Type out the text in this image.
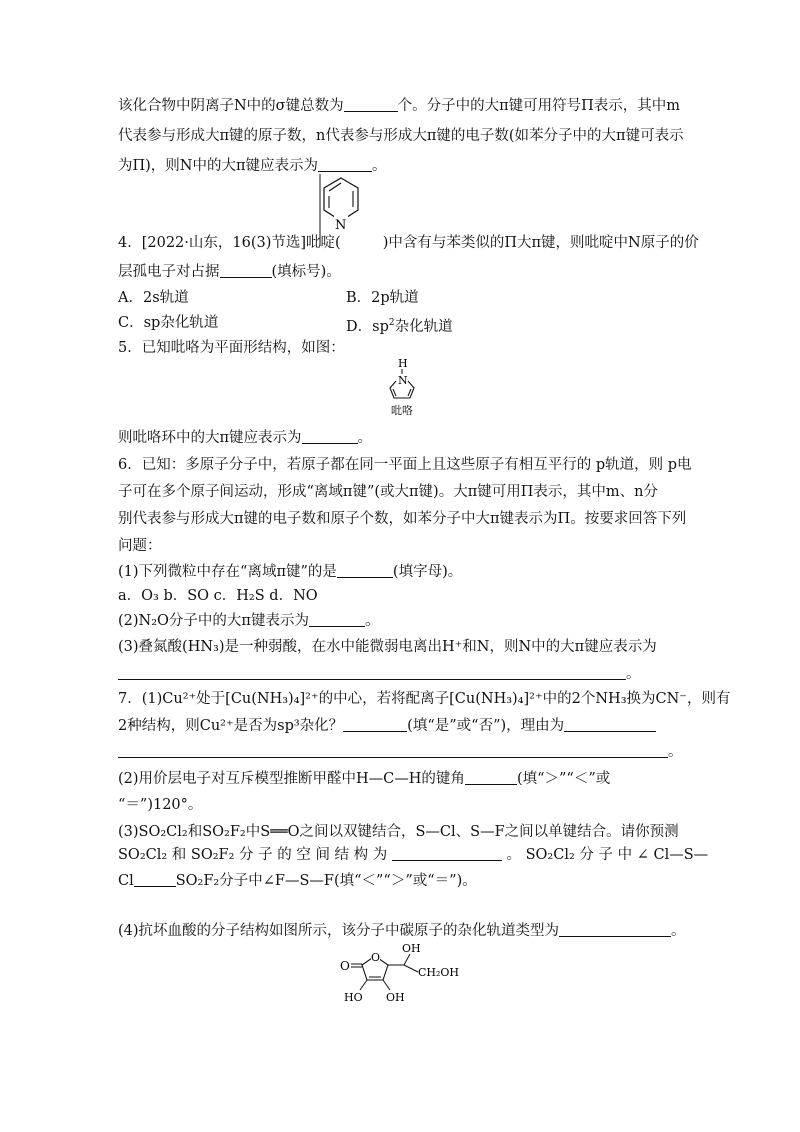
该化合物中阴离子N中的σ键总数为	个。分子中的大π键可用符号Π表示，其中m
代表参与形成大π键的原子数，n代表参与形成大π键的电子数(如苯分子中的大π键可表示
为Π)，则N中的大π键应表示为	。
4．[2022·山东，16(3)节选]吡啶(	)中含有与苯类似的Π大π键，则吡啶中N原子的价
层孤电子对占据	(填标号)。
A．2s轨道	B．2p轨道
C．sp杂化轨道	D．$sp^2$杂化轨道
5．已知吡咯为平面形结构，如图：
则吡咯环中的大π键应表示为	。
6．已知：多原子分子中，若原子都在同一平面上且这些原子有相互平行的 p轨道，则 p电
子可在多个原子间运动，形成“离域π键”(或大π键)。大π键可用Π表示，其中m、n分
别代表参与形成大π键的电子数和原子个数，如苯分子中大π键表示为Π。按要求回答下列
问题：
(1)下列微粒中存在“离域π键”的是	(填字母)。
a．O₃ b．SO c．H₂S d．NO
(2)N₂O分子中的大π键表示为	。
(3)叠氮酸(HN₃)是一种弱酸，在水中能微弱电离出H⁺和N，则N中的大π键应表示为
。
7．(1)Cu²⁺处于[Cu(NH₃)₄]²⁺的中心，若将配离子[Cu(NH₃)₄]²⁺中的2个NH₃换为CN⁻，则有
2种结构，则Cu²⁺是否为sp³杂化？	(填“是”或“否”)，理由为
。
(2)用价层电子对互斥模型推断甲醛中H—C—H的键角	(填“＞”“＜”或
“＝”)120°。
(3)SO₂Cl₂和SO₂F₂中S══O之间以双键结合，S—Cl、S—F之间以单键结合。请你预测
SO₂Cl₂ 和 SO₂F₂ 分 子 的 空 间 结 构 为	。 SO₂Cl₂ 分 子 中 ∠ Cl—S—
Cl	SO₂F₂分子中∠F—S—F(填“＜”“＞”或“＝”)。
(4)抗坏血酸的分子结构如图所示，该分子中碳原子的杂化轨道类型为	。
N
H
N
吡咯
O
O
OH
CH₂OH
HO OH
